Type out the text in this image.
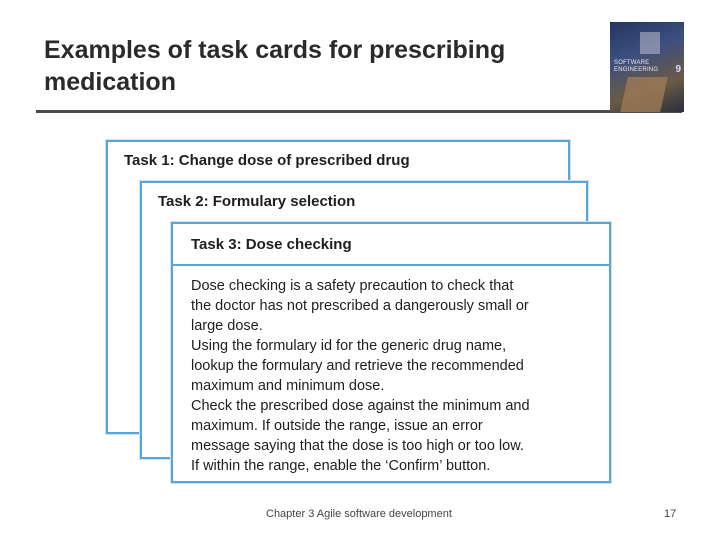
Examples of task cards for prescribing
medication
SOFTWARE ENGINEERING	9
Task 1: Change dose of prescribed drug
Task 2: Formulary selection
Task 3: Dose checking
Dose checking is a safety precaution to check that
the doctor has not prescribed a dangerously small or
large dose.
Using the formulary id for the generic drug name,
lookup the formulary and retrieve the recommended
maximum and minimum dose.
Check the prescribed dose against the minimum and
maximum. If outside the range, issue an error
message saying that the dose is too high or too low.
If within the range, enable the ‘Confirm’ button.
Chapter 3 Agile software development	17
